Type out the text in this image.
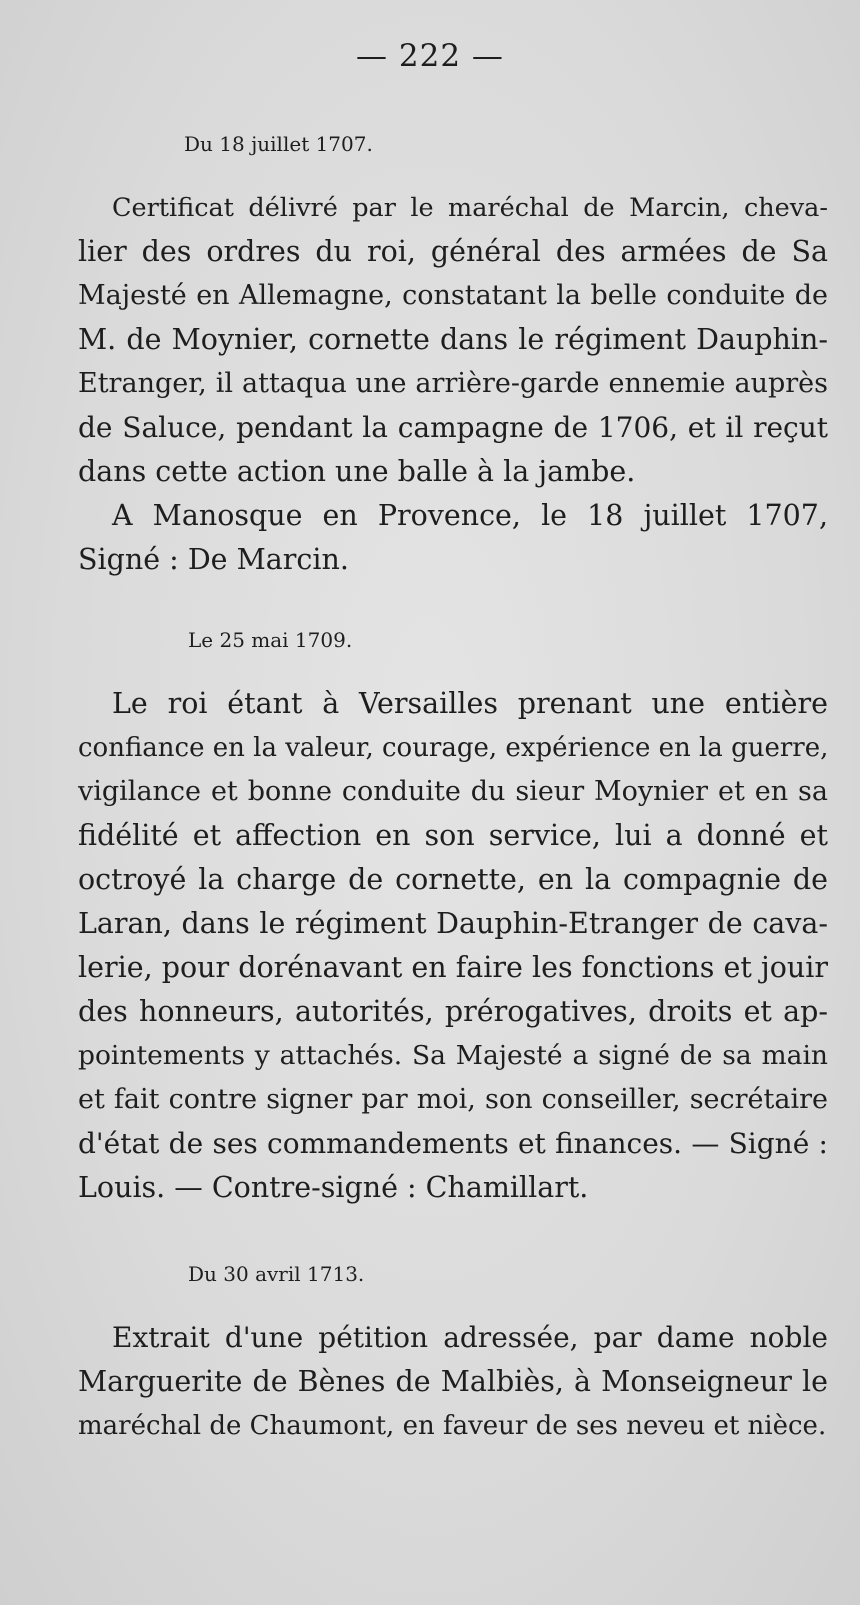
— 222 —
Du 18 juillet 1707.

Certificat délivré par le maréchal de Marcin, cheva-
lier des ordres du roi, général des armées de Sa
Majesté en Allemagne, constatant la belle conduite de
M. de Moynier, cornette dans le régiment Dauphin-
Etranger, il attaqua une arrière-garde ennemie auprès
de Saluce, pendant la campagne de 1706, et il reçut
dans cette action une balle à la jambe.

A Manosque en Provence, le 18 juillet 1707,
Signé : De Marcin.

Le 25 mai 1709.

Le roi étant à Versailles prenant une entière
confiance en la valeur, courage, expérience en la guerre,
vigilance et bonne conduite du sieur Moynier et en sa
fidélité et affection en son service, lui a donné et
octroyé la charge de cornette, en la compagnie de
Laran, dans le régiment Dauphin-Etranger de cava-
lerie, pour dorénavant en faire les fonctions et jouir
des honneurs, autorités, prérogatives, droits et ap-
pointements y attachés. Sa Majesté a signé de sa main
et fait contre signer par moi, son conseiller, secrétaire
d'état de ses commandements et finances. — Signé :
Louis. — Contre-signé : Chamillart.

Du 30 avril 1713.

Extrait d'une pétition adressée, par dame noble
Marguerite de Bènes de Malbiès, à Monseigneur le
maréchal de Chaumont, en faveur de ses neveu et nièce.
